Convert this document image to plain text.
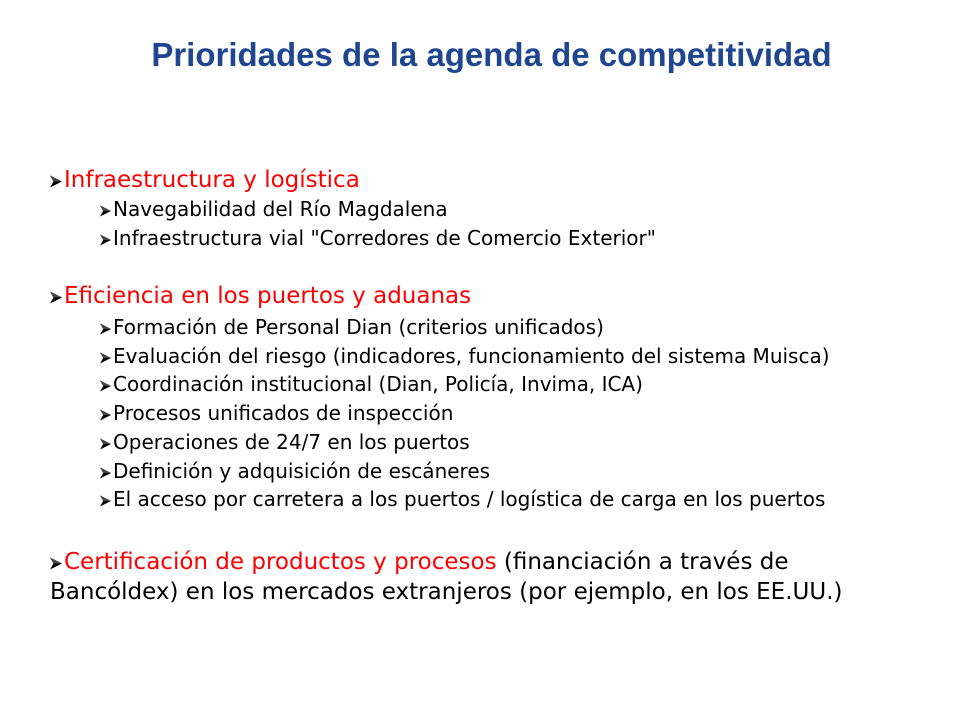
Prioridades de la agenda de competitividad

Infraestructura y logística

Navegabilidad del Río Magdalena
Infraestructura vial "Corredores de Comercio Exterior"

Eficiencia en los puertos y aduanas

Formación de Personal Dian (criterios unificados)
Evaluación del riesgo (indicadores, funcionamiento del sistema Muisca)
Coordinación institucional (Dian, Policía, Invima, ICA)
Procesos unificados de inspección
Operaciones de 24/7 en los puertos
Definición y adquisición de escáneres
El acceso por carretera a los puertos / logística de carga en los puertos

Certificación de productos y procesos (financiación a través de Bancóldex) en los mercados extranjeros (por ejemplo, en los EE.UU.)
